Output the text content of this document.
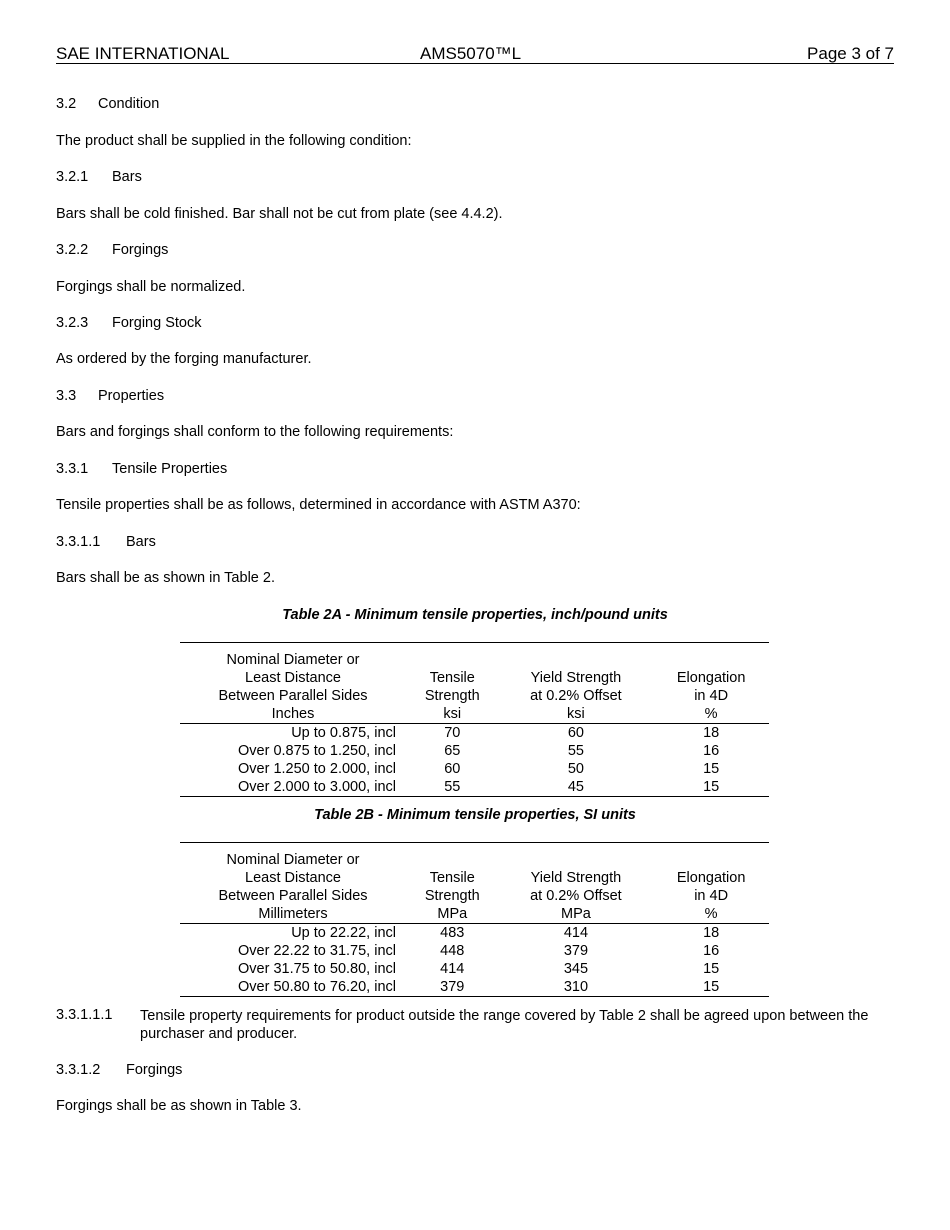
SAE INTERNATIONAL	AMS5070™L	Page 3 of 7
3.2 Condition
The product shall be supplied in the following condition:
3.2.1 Bars
Bars shall be cold finished. Bar shall not be cut from plate (see 4.4.2).
3.2.2 Forgings
Forgings shall be normalized.
3.2.3 Forging Stock
As ordered by the forging manufacturer.
3.3 Properties
Bars and forgings shall conform to the following requirements:
3.3.1 Tensile Properties
Tensile properties shall be as follows, determined in accordance with ASTM A370:
3.3.1.1 Bars
Bars shall be as shown in Table 2.
Table 2A - Minimum tensile properties, inch/pound units

Nominal Diameter or			
Least Distance	Tensile	Yield Strength	Elongation
Between Parallel Sides	Strength	at 0.2% Offset	in 4D
Inches	ksi	ksi	%
Up to 0.875, incl	70	60	18
Over 0.875 to 1.250, incl	65	55	16
Over 1.250 to 2.000, incl	60	50	15
Over 2.000 to 3.000, incl	55	45	15
Table 2B - Minimum tensile properties, SI units

Nominal Diameter or			
Least Distance	Tensile	Yield Strength	Elongation
Between Parallel Sides	Strength	at 0.2% Offset	in 4D
Millimeters	MPa	MPa	%
Up to 22.22, incl	483	414	18
Over 22.22 to 31.75, incl	448	379	16
Over 31.75 to 50.80, incl	414	345	15
Over 50.80 to 76.20, incl	379	310	15
3.3.1.1.1 Tensile property requirements for product outside the range covered by Table 2 shall be agreed upon between the purchaser and producer.
3.3.1.2 Forgings
Forgings shall be as shown in Table 3.
